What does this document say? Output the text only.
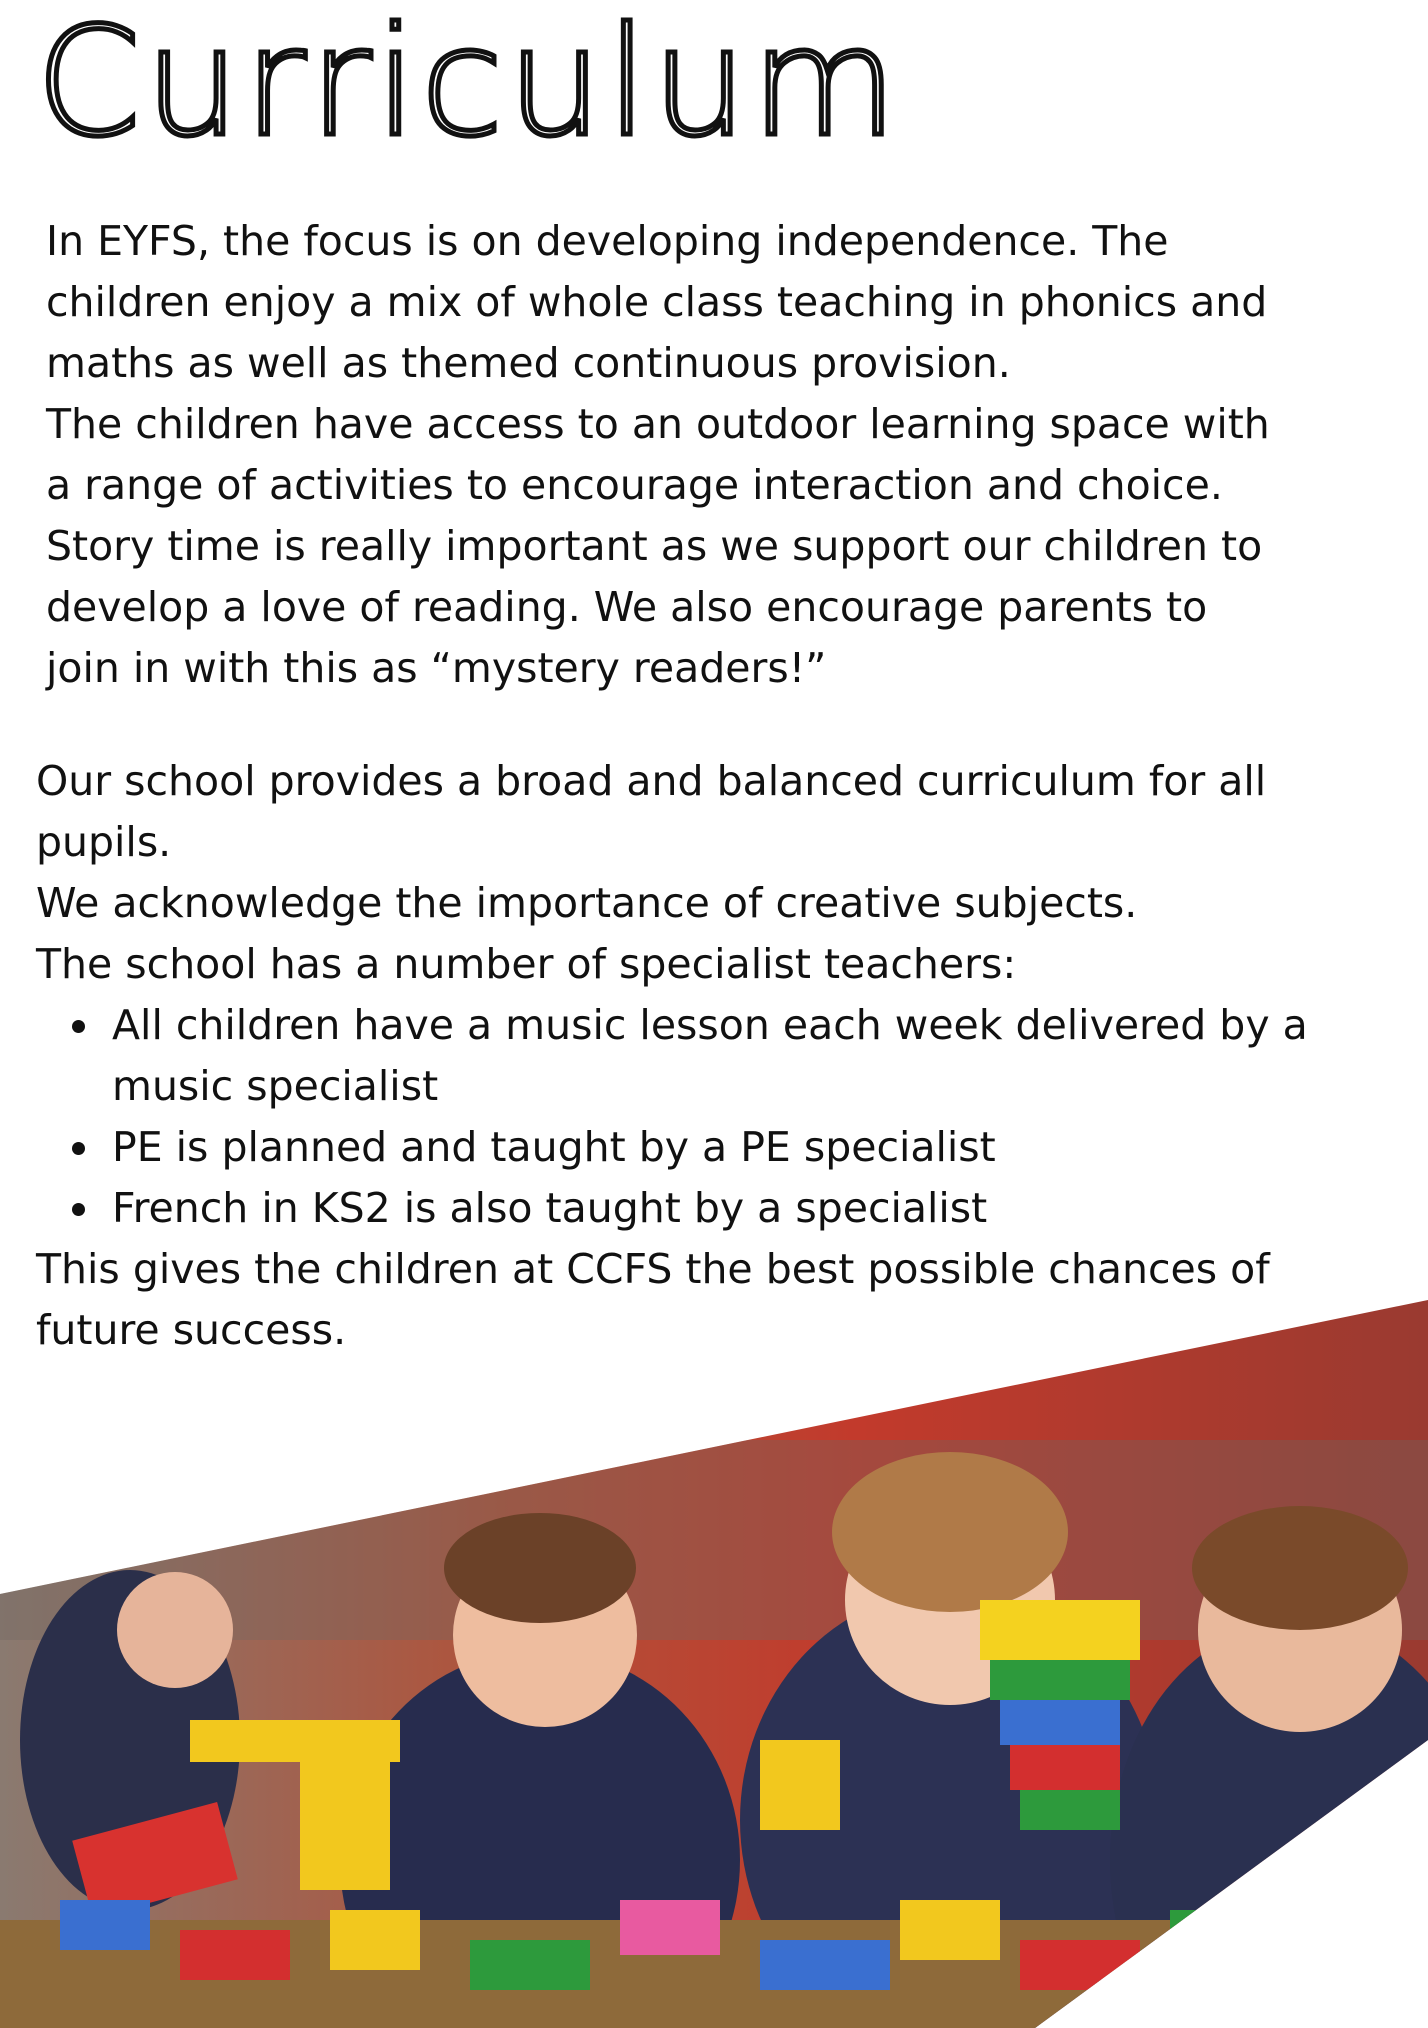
Curriculum
In EYFS, the focus is on developing independence. The
children enjoy a mix of whole class teaching in phonics and
maths as well as themed continuous provision.
The children have access to an outdoor learning space with
a range of activities to encourage interaction and choice.
Story time is really important as we support our children to
develop a love of reading. We also encourage parents to
join in with this as “mystery readers!”
Our school provides a broad and balanced curriculum for all
pupils.
We acknowledge the importance of creative subjects.
The school has a number of specialist teachers:
All children have a music lesson each week delivered by a music specialist
PE is planned and taught by a PE specialist
French in KS2 is also taught by a specialist
This gives the children at CCFS the best possible chances of
future success.
